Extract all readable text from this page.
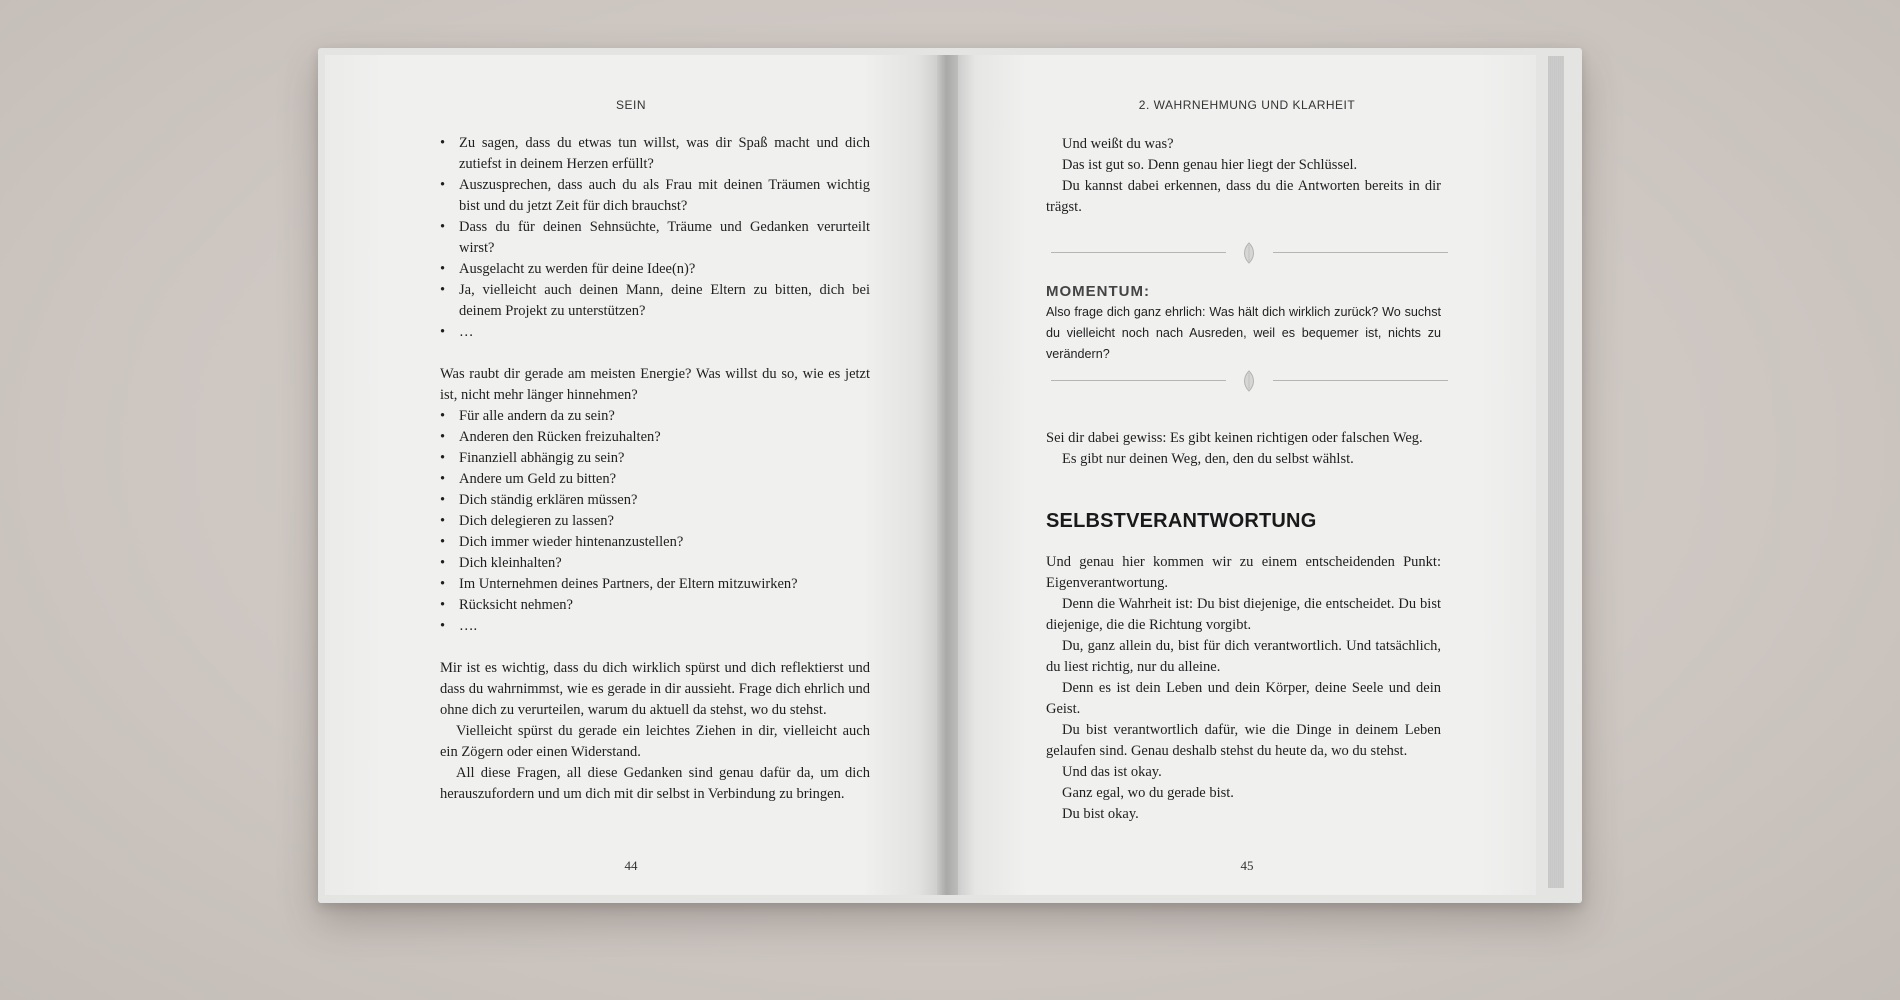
SEIN
• Zu sagen, dass du etwas tun willst, was dir Spaß macht und dich zutiefst in deinem Herzen erfüllt?
• Auszusprechen, dass auch du als Frau mit deinen Träumen wichtig bist und du jetzt Zeit für dich brauchst?
• Dass du für deinen Sehnsüchte, Träume und Gedanken verurteilt wirst?
• Ausgelacht zu werden für deine Idee(n)?
• Ja, vielleicht auch deinen Mann, deine Eltern zu bitten, dich bei deinem Projekt zu unterstützen?
• …

Was raubt dir gerade am meisten Energie? Was willst du so, wie es jetzt ist, nicht mehr länger hinnehmen?

• Für alle andern da zu sein?
• Anderen den Rücken freizuhalten?
• Finanziell abhängig zu sein?
• Andere um Geld zu bitten?
• Dich ständig erklären müssen?
• Dich delegieren zu lassen?
• Dich immer wieder hintenanzustellen?
• Dich kleinhalten?
• Im Unternehmen deines Partners, der Eltern mitzuwirken?
• Rücksicht nehmen?
• ….

Mir ist es wichtig, dass du dich wirklich spürst und dich reflektierst und dass du wahrnimmst, wie es gerade in dir aussieht. Frage dich ehrlich und ohne dich zu verurteilen, warum du aktuell da stehst, wo du stehst.

Vielleicht spürst du gerade ein leichtes Ziehen in dir, vielleicht auch ein Zögern oder einen Widerstand.

All diese Fragen, all diese Gedanken sind genau dafür da, um dich herauszufordern und um dich mit dir selbst in Verbindung zu bringen.

44
2. WAHRNEHMUNG UND KLARHEIT

Und weißt du was?

Das ist gut so. Denn genau hier liegt der Schlüssel.

Du kannst dabei erkennen, dass du die Antworten bereits in dir trägst.

MOMENTUM:
Also frage dich ganz ehrlich: Was hält dich wirklich zurück? Wo suchst du vielleicht noch nach Ausreden, weil es bequemer ist, nichts zu verändern?

Sei dir dabei gewiss: Es gibt keinen richtigen oder falschen Weg.

Es gibt nur deinen Weg, den, den du selbst wählst.

SELBSTVERANTWORTUNG

Und genau hier kommen wir zu einem entscheidenden Punkt: Eigenverantwortung.

Denn die Wahrheit ist: Du bist diejenige, die entscheidet. Du bist diejenige, die die Richtung vorgibt.

Du, ganz allein du, bist für dich verantwortlich. Und tatsächlich, du liest richtig, nur du alleine.

Denn es ist dein Leben und dein Körper, deine Seele und dein Geist.

Du bist verantwortlich dafür, wie die Dinge in deinem Leben gelaufen sind. Genau deshalb stehst du heute da, wo du stehst.

Und das ist okay.

Ganz egal, wo du gerade bist.

Du bist okay.

45
